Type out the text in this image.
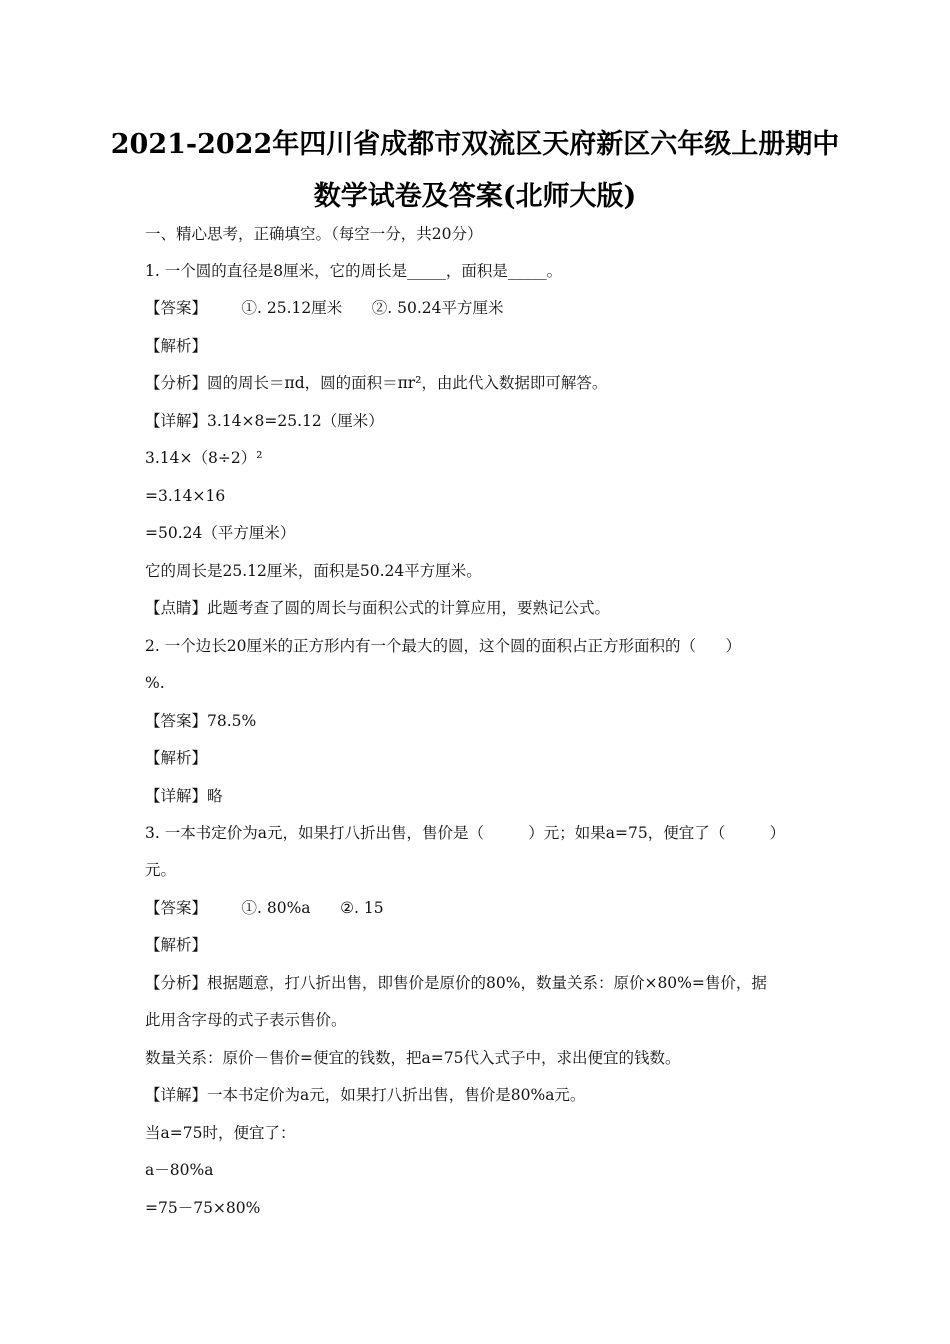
2021-2022年四川省成都市双流区天府新区六年级上册期中
数学试卷及答案(北师大版)
一、精心思考，正确填空。（每空一分，共20分）
1. 一个圆的直径是8厘米，它的周长是_____，面积是_____。
【答案】       ①. 25.12厘米      ②. 50.24平方厘米
【解析】
【分析】圆的周长＝πd，圆的面积＝πr²，由此代入数据即可解答。
【详解】3.14×8=25.12（厘米）
3.14×（8÷2）²
=3.14×16
=50.24（平方厘米）
它的周长是25.12厘米，面积是50.24平方厘米。
【点睛】此题考查了圆的周长与面积公式的计算应用，要熟记公式。
2. 一个边长20厘米的正方形内有一个最大的圆，这个圆的面积占正方形面积的（      ）
%.
【答案】78.5%
【解析】
【详解】略
3. 一本书定价为a元，如果打八折出售，售价是（         ）元；如果a=75，便宜了（         ）
元。
【答案】       ①. 80%a      ②. 15
【解析】
【分析】根据题意，打八折出售，即售价是原价的80%，数量关系：原价×80%=售价，据
此用含字母的式子表示售价。
数量关系：原价－售价=便宜的钱数，把a=75代入式子中，求出便宜的钱数。
【详解】一本书定价为a元，如果打八折出售，售价是80%a元。
当a=75时，便宜了：
a－80%a
=75－75×80%
